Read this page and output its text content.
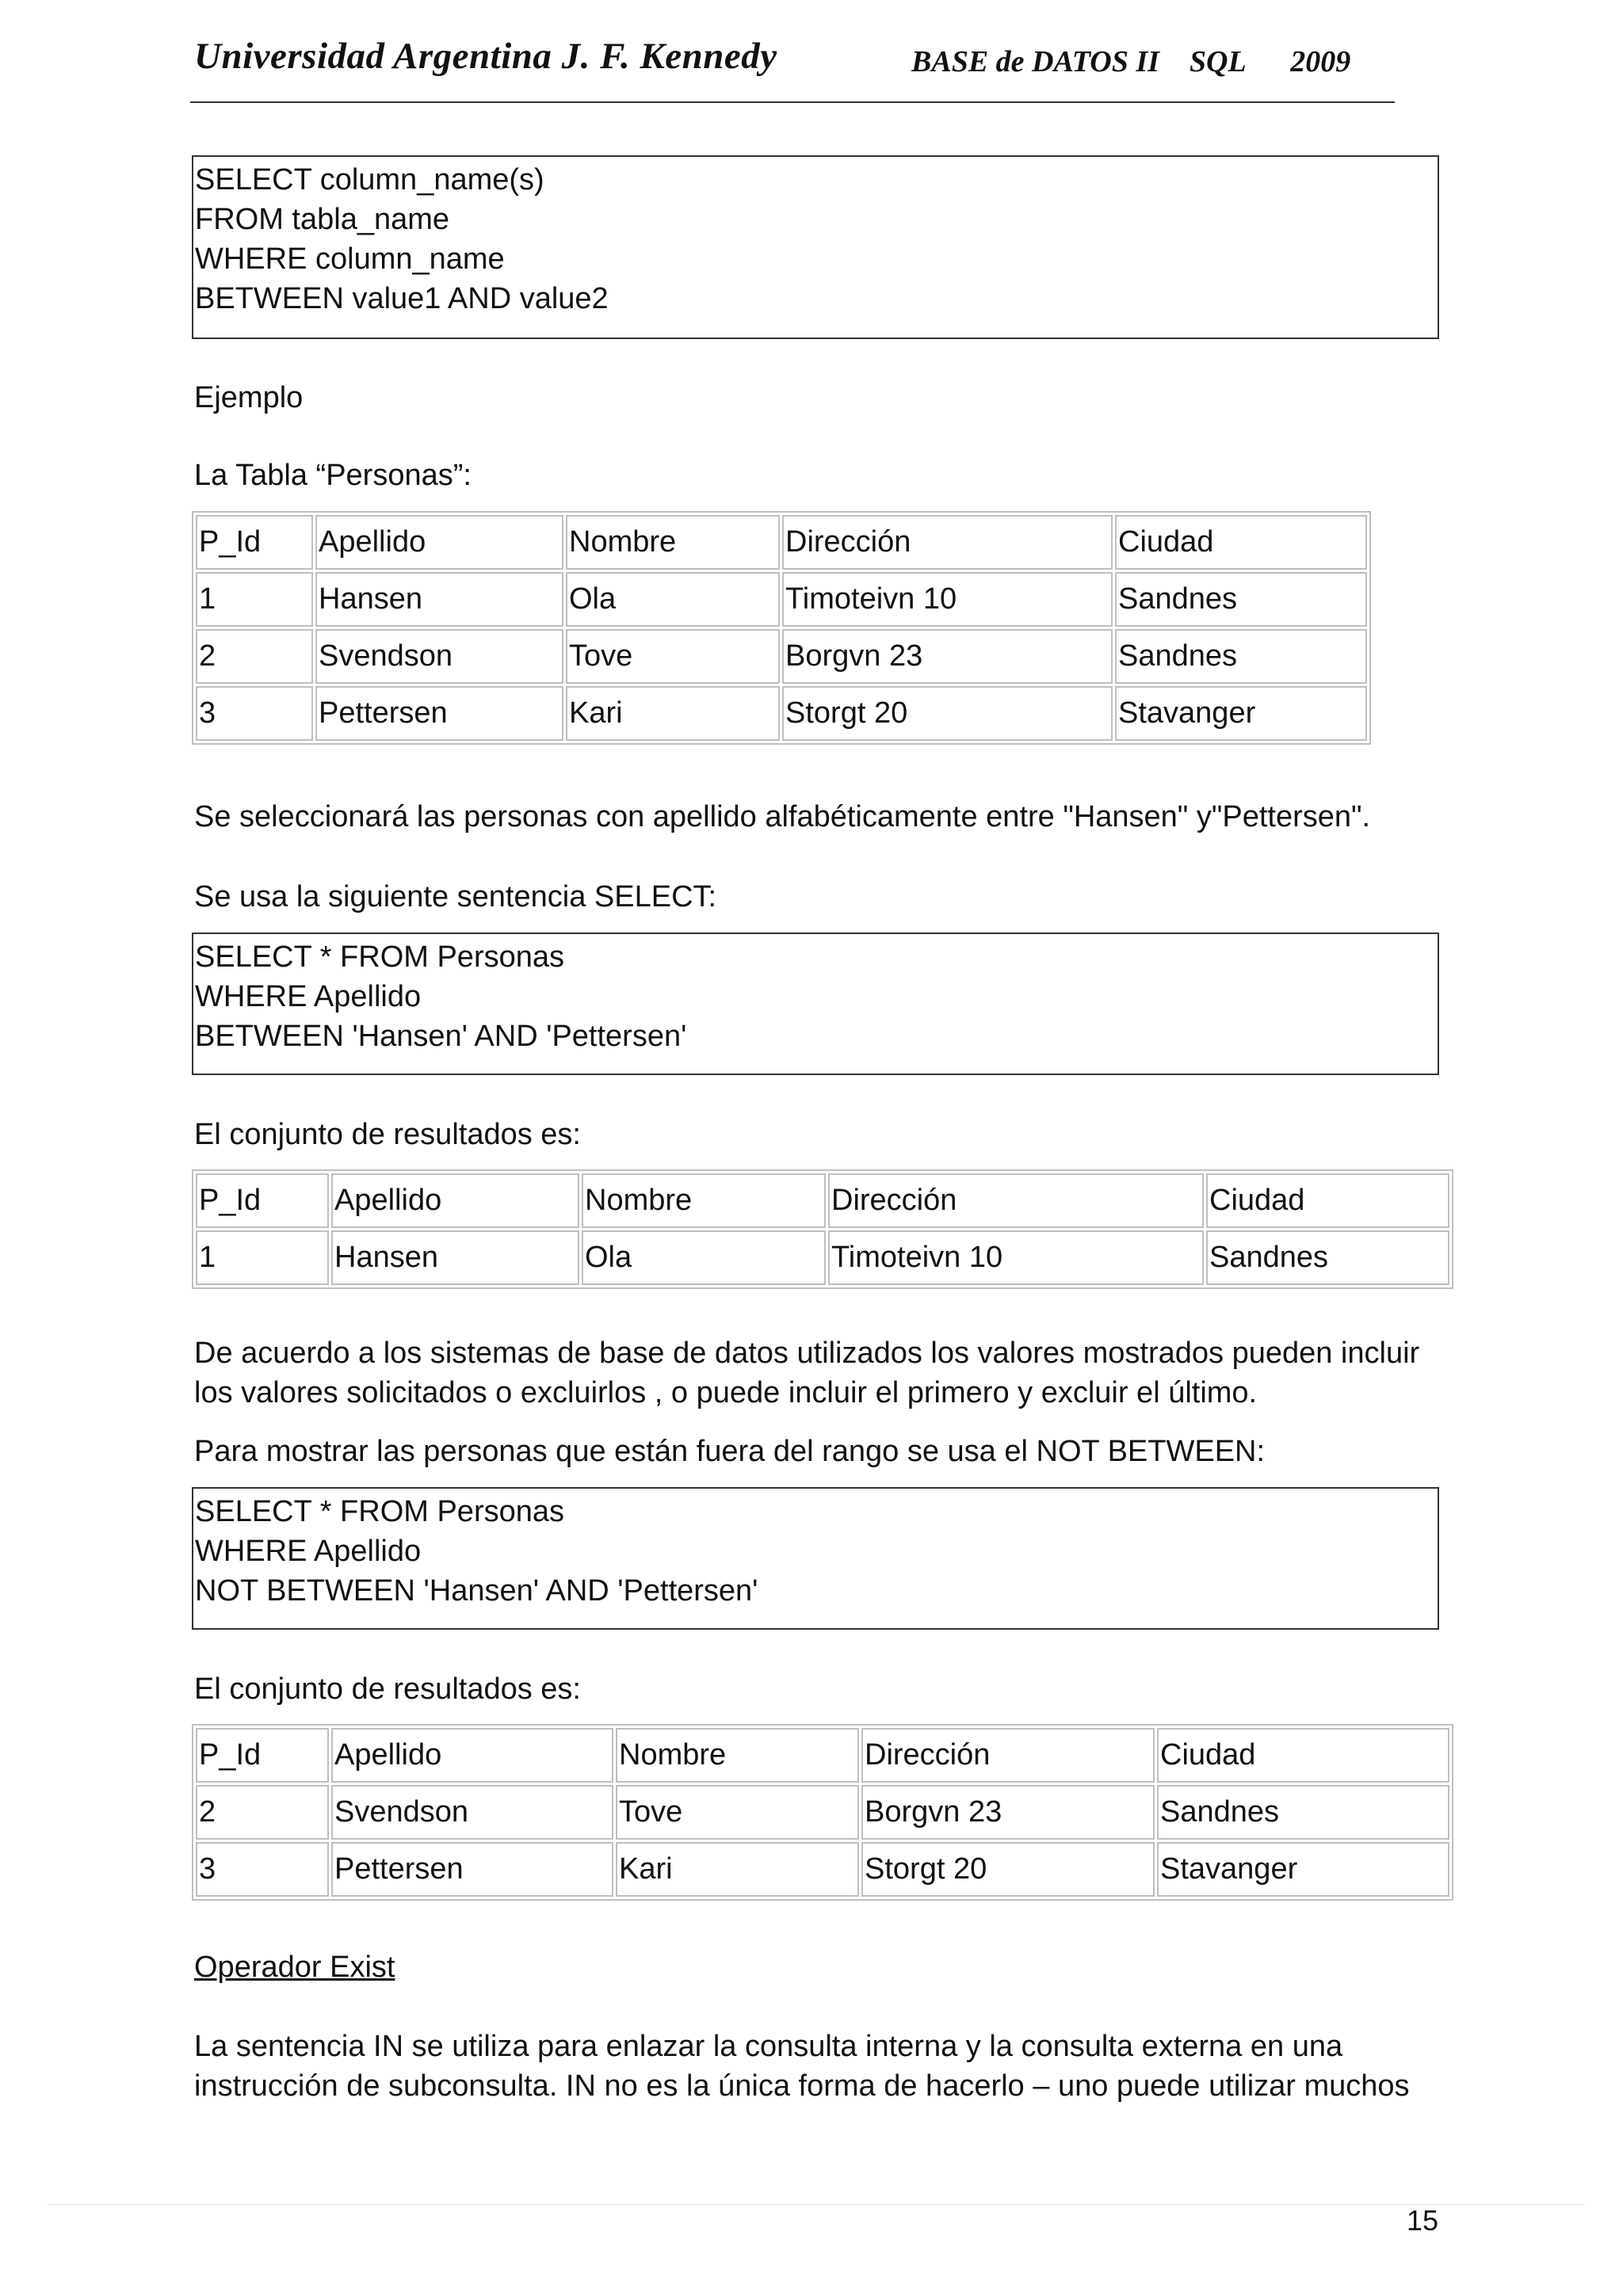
Universidad Argentina J. F. Kennedy	BASE de DATOS II SQL 2009
SELECT column_name(s)
FROM tabla_name
WHERE column_name
BETWEEN value1 AND value2
Ejemplo
La Tabla “Personas”:
P_Id	Apellido	Nombre	Dirección	Ciudad
1	Hansen	Ola	Timoteivn 10	Sandnes
2	Svendson	Tove	Borgvn 23	Sandnes
3	Pettersen	Kari	Storgt 20	Stavanger
Se seleccionará las personas con apellido alfabéticamente entre "Hansen" y"Pettersen".
Se usa la siguiente sentencia SELECT:
SELECT * FROM Personas
WHERE Apellido
BETWEEN 'Hansen' AND 'Pettersen'
El conjunto de resultados es:
P_Id	Apellido	Nombre	Dirección	Ciudad
1	Hansen	Ola	Timoteivn 10	Sandnes
De acuerdo a los sistemas de base de datos utilizados los valores mostrados pueden incluir
los valores solicitados o excluirlos , o puede incluir el primero y excluir el último.
Para mostrar las personas que están fuera del rango se usa el NOT BETWEEN:
SELECT * FROM Personas
WHERE Apellido
NOT BETWEEN 'Hansen' AND 'Pettersen'
El conjunto de resultados es:
P_Id	Apellido	Nombre	Dirección	Ciudad
2	Svendson	Tove	Borgvn 23	Sandnes
3	Pettersen	Kari	Storgt 20	Stavanger
Operador Exist
La sentencia IN se utiliza para enlazar la consulta interna y la consulta externa en una
instrucción de subconsulta. IN no es la única forma de hacerlo – uno puede utilizar muchos
15
